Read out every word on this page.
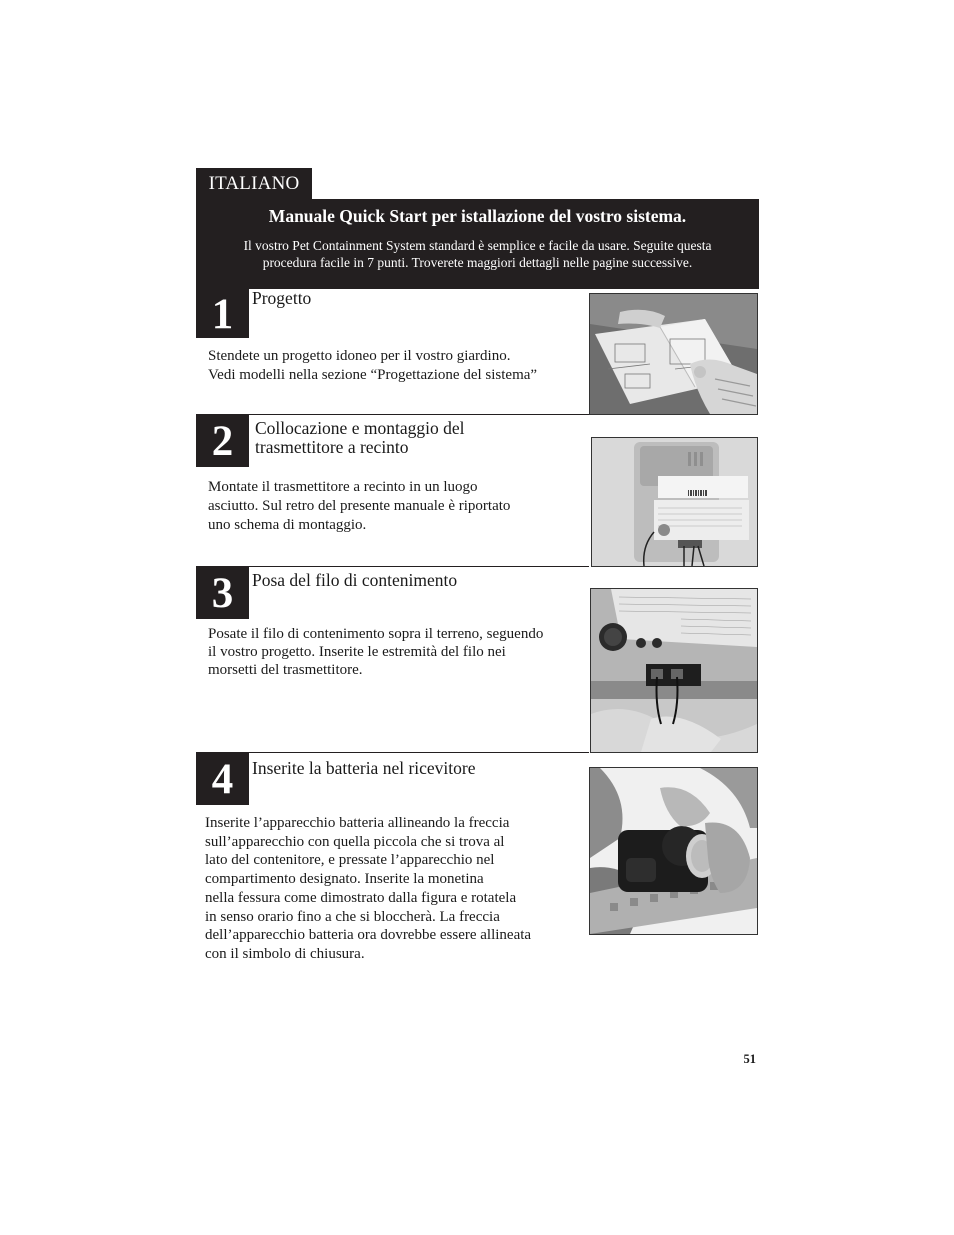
ITALIANO
Manuale Quick Start per istallazione del vostro sistema.
Il vostro Pet Containment System standard è semplice e facile da usare. Seguite questa
procedura facile in 7 punti. Troverete maggiori dettagli nelle pagine successive.
1	Progetto
Stendete un progetto idoneo per il vostro giardino.
Vedi modelli nella sezione “Progettazione del sistema”
2	Collocazione e montaggio del
trasmettitore a recinto
Montate il trasmettitore a recinto in un luogo
asciutto. Sul retro del presente manuale è riportato
uno schema di montaggio.
3	Posa del filo di contenimento
Posate il filo di contenimento sopra il terreno, seguendo
il vostro progetto. Inserite le estremità del filo nei
morsetti del trasmettitore.
4	Inserite la batteria nel ricevitore
Inserite l’apparecchio batteria allineando la freccia
sull’apparecchio con quella piccola che si trova al
lato del contenitore, e pressate l’apparecchio nel
compartimento designato. Inserite la monetina
nella fessura come dimostrato dalla figura e rotatela
in senso orario fino a che si bloccherà. La freccia
dell’apparecchio batteria ora dovrebbe essere allineata
con il simbolo di chiusura.
51
